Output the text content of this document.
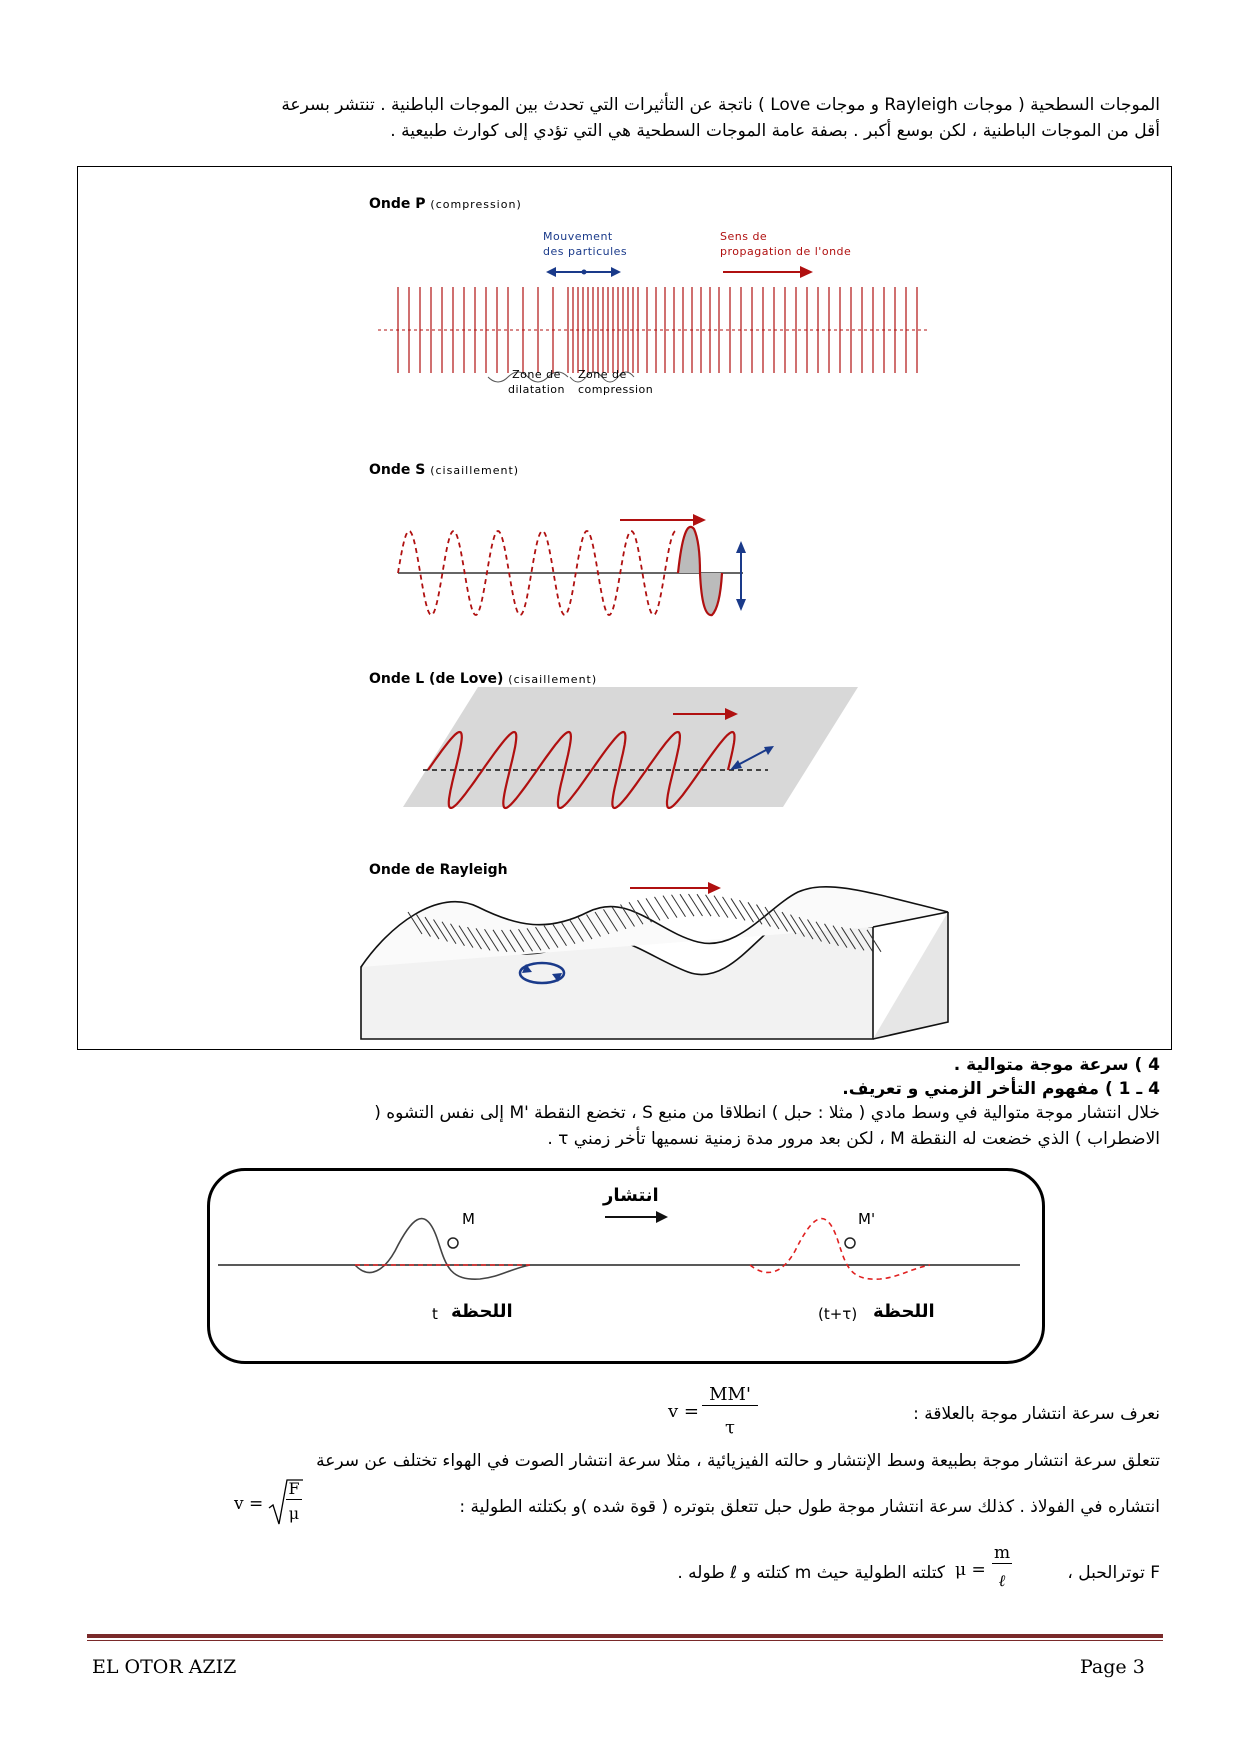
الموجات السطحية ( موجات Rayleigh و موجات Love ) ناتجة عن التأثيرات التي تحدث بين الموجات الباطنية . تنتشر بسرعة
أقل من الموجات الباطنية ، لكن بوسع أكبر . بصفة عامة الموجات السطحية هي التي تؤدي إلى كوارث طبيعية .
Onde P (compression)
Mouvement
des particules
Sens de
propagation de l'onde
Zone de
dilatation
Zone de
compression
Onde S (cisaillement)
Onde L (de Love) (cisaillement)
Onde de Rayleigh
4 ) سرعة موجة متوالية .
4 ـ 1 ) مفهوم التأخر الزمني و تعريف.
خلال انتشار موجة متوالية في وسط مادي ( مثلا : حبل ) انطلاقا من منبع S ، تخضع النقطة 'M إلى نفس التشوه (
الاضطراب ) الذي خضعت له النقطة M ، لكن بعد مرور مدة زمنية نسميها تأخر زمني τ .
انتشار
M	M'
t اللحظة	(t+τ) اللحظة
نعرف سرعة انتشار موجة بالعلاقة :
v =
MM'
τ
تتعلق سرعة انتشار موجة بطبيعة وسط الإنتشار و حالته الفيزيائية ، مثلا سرعة انتشار الصوت في الهواء تختلف عن سرعة
انتشاره في الفولاذ . كذلك سرعة انتشار موجة طول حبل تتعلق بتوتره ( قوة شده )و بكتلته الطولية :
v =
F
μ
F توترالحبل ،
μ =
m
ℓ
كتلته الطولية حيث m كتلته و ℓ طوله .
EL OTOR AZIZ	Page 3
